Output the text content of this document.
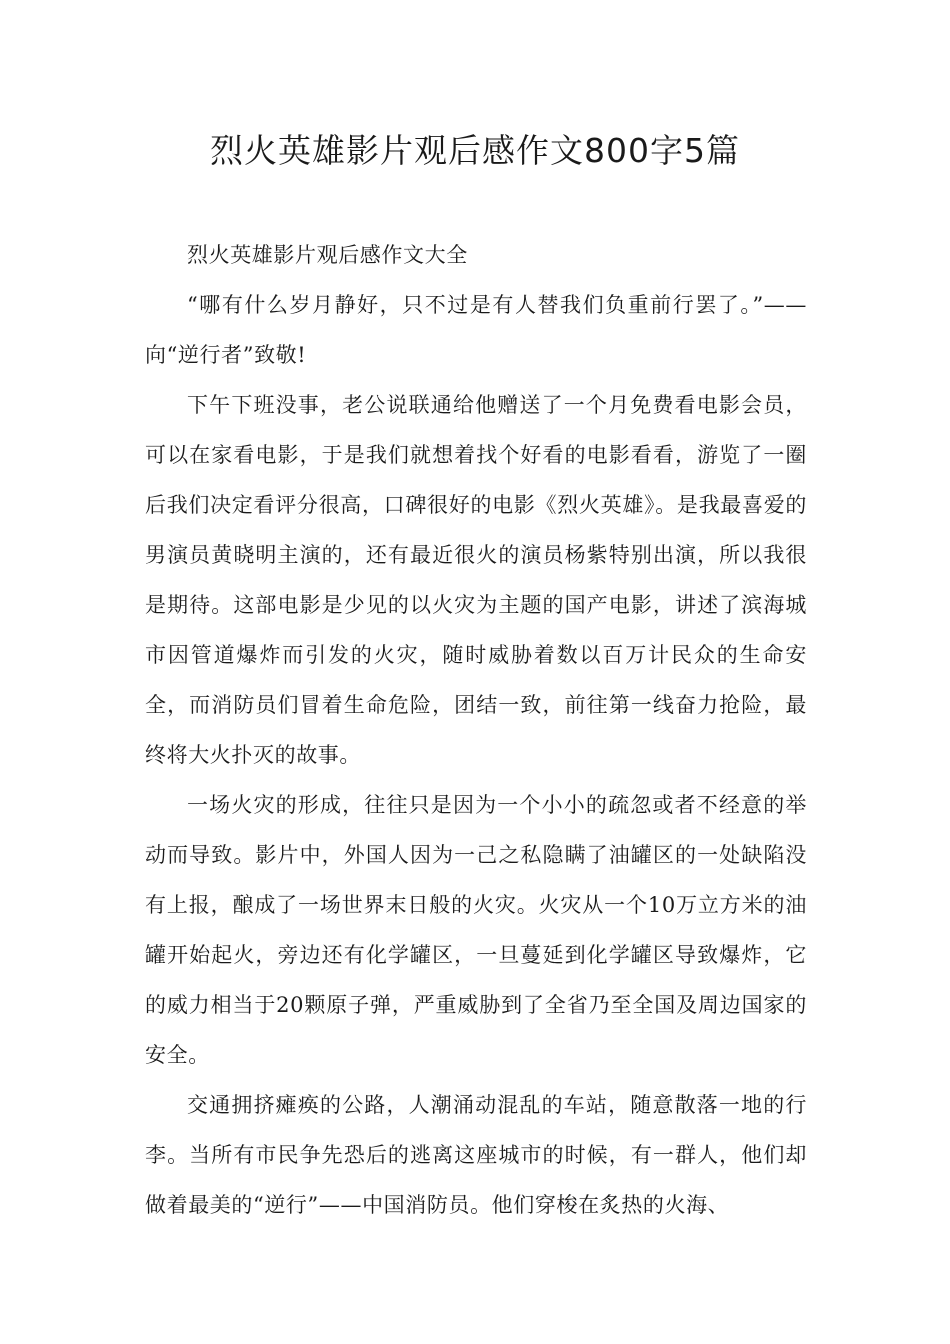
烈火英雄影片观后感作文800字5篇

烈火英雄影片观后感作文大全

“哪有什么岁月静好，只不过是有人替我们负重前行罢了。”——向“逆行者”致敬!

下午下班没事，老公说联通给他赠送了一个月免费看电影会员，可以在家看电影，于是我们就想着找个好看的电影看看，游览了一圈后我们决定看评分很高，口碑很好的电影《烈火英雄》。是我最喜爱的男演员黄晓明主演的，还有最近很火的演员杨紫特别出演，所以我很是期待。这部电影是少见的以火灾为主题的国产电影，讲述了滨海城市因管道爆炸而引发的火灾，随时威胁着数以百万计民众的生命安全，而消防员们冒着生命危险，团结一致，前往第一线奋力抢险，最终将大火扑灭的故事。

一场火灾的形成，往往只是因为一个小小的疏忽或者不经意的举动而导致。影片中，外国人因为一己之私隐瞒了油罐区的一处缺陷没有上报，酿成了一场世界末日般的火灾。火灾从一个10万立方米的油罐开始起火，旁边还有化学罐区，一旦蔓延到化学罐区导致爆炸，它的威力相当于20颗原子弹，严重威胁到了全省乃至全国及周边国家的安全。

交通拥挤瘫痪的公路，人潮涌动混乱的车站，随意散落一地的行李。当所有市民争先恐后的逃离这座城市的时候，有一群人，他们却做着最美的“逆行”——中国消防员。他们穿梭在炙热的火海、
